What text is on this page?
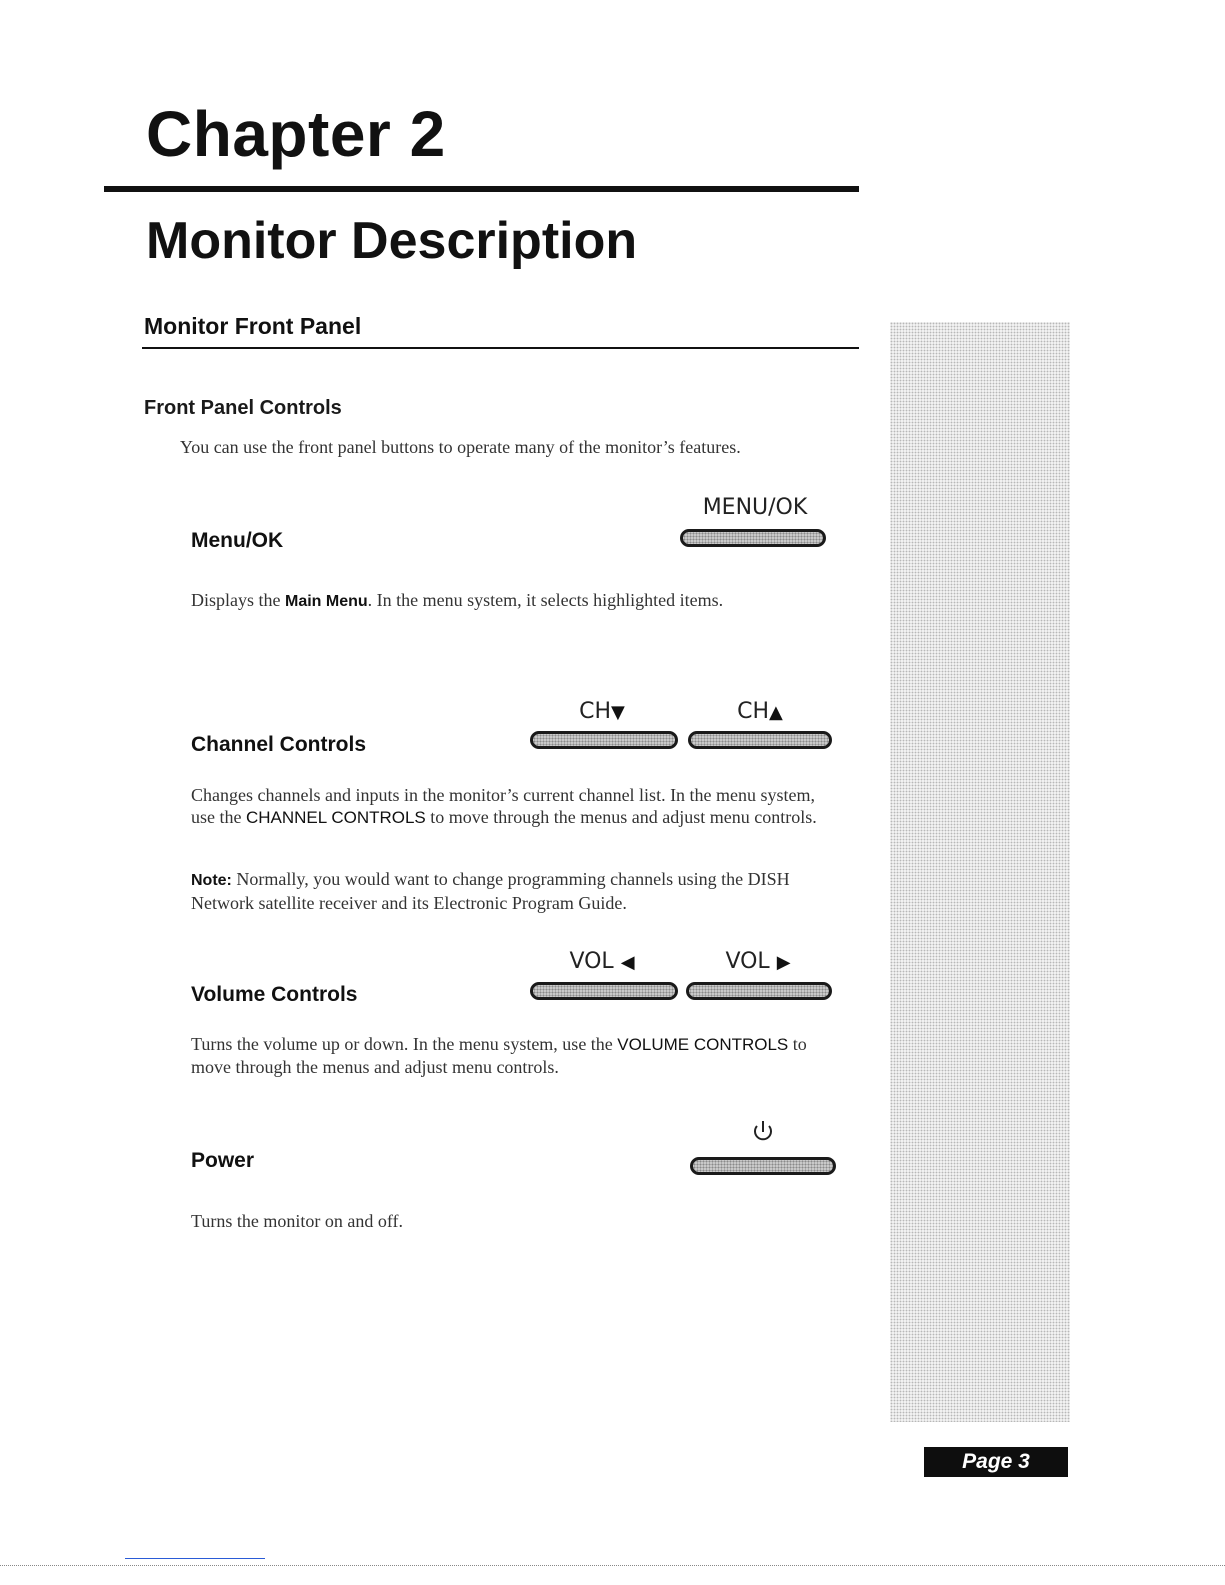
Chapter 2
Monitor Description
Monitor Front Panel
Front Panel Controls
You can use the front panel buttons to operate many of the monitor’s features.
Menu/OK
MENU/OK
Displays the Main Menu. In the menu system, it selects highlighted items.
Channel Controls
CH▼	CH▲
Changes channels and inputs in the monitor’s current channel list. In the menu system, use the CHANNEL CONTROLS to move through the menus and adjust menu controls.
Note: Normally, you would want to change programming channels using the DISH Network satellite receiver and its Electronic Program Guide.
Volume Controls
VOL ◀	VOL ▶
Turns the volume up or down. In the menu system, use the VOLUME CONTROLS to move through the menus and adjust menu controls.
Power
Turns the monitor on and off.
Page 3
